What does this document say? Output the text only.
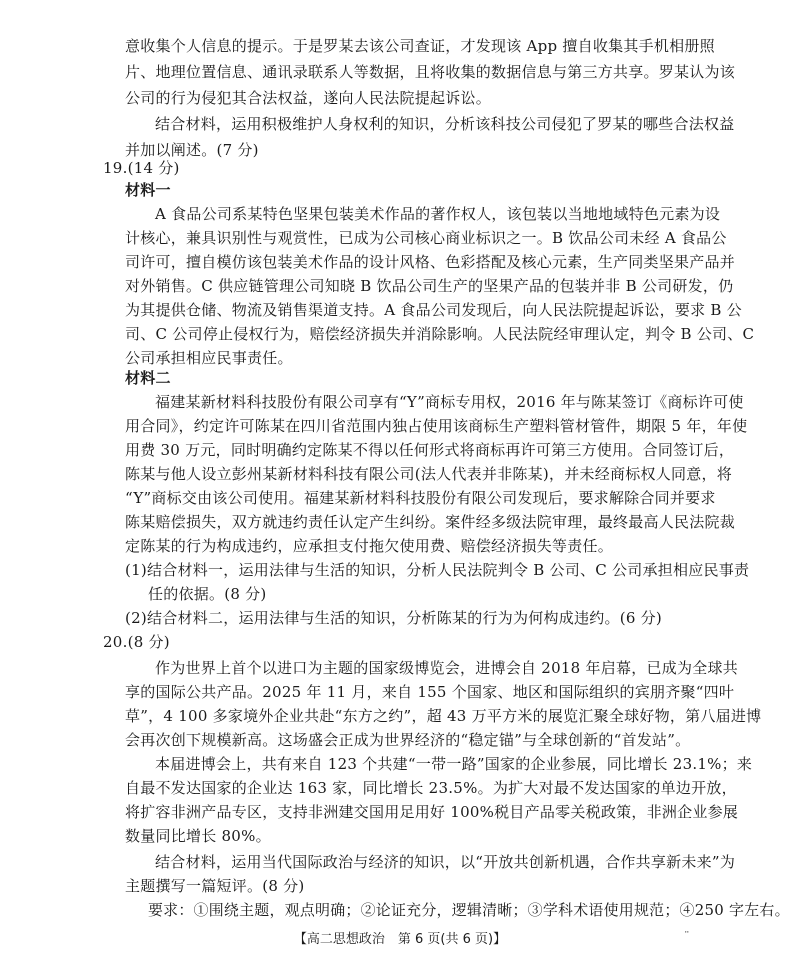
【高二思想政治　第 6 页(共 6 页)】	¨
意收集个人信息的提示。于是罗某去该公司查证，才发现该 App 擅自收集其手机相册照
片、地理位置信息、通讯录联系人等数据，且将收集的数据信息与第三方共享。罗某认为该
公司的行为侵犯其合法权益，遂向人民法院提起诉讼。
结合材料，运用积极维护人身权利的知识，分析该科技公司侵犯了罗某的哪些合法权益
并加以阐述。(7 分)
19.(14 分)
材料一
A 食品公司系某特色坚果包装美术作品的著作权人，该包装以当地地域特色元素为设
计核心，兼具识别性与观赏性，已成为公司核心商业标识之一。B 饮品公司未经 A 食品公
司许可，擅自模仿该包装美术作品的设计风格、色彩搭配及核心元素，生产同类坚果产品并
对外销售。C 供应链管理公司知晓 B 饮品公司生产的坚果产品的包装并非 B 公司研发，仍
为其提供仓储、物流及销售渠道支持。A 食品公司发现后，向人民法院提起诉讼，要求 B 公
司、C 公司停止侵权行为，赔偿经济损失并消除影响。人民法院经审理认定，判令 B 公司、C
公司承担相应民事责任。
材料二
福建某新材料科技股份有限公司享有“Y”商标专用权，2016 年与陈某签订《商标许可使
用合同》，约定许可陈某在四川省范围内独占使用该商标生产塑料管材管件，期限 5 年，年使
用费 30 万元，同时明确约定陈某不得以任何形式将商标再许可第三方使用。合同签订后，
陈某与他人设立彭州某新材料科技有限公司(法人代表并非陈某)，并未经商标权人同意，将
“Y”商标交由该公司使用。福建某新材料科技股份有限公司发现后，要求解除合同并要求
陈某赔偿损失，双方就违约责任认定产生纠纷。案件经多级法院审理，最终最高人民法院裁
定陈某的行为构成违约，应承担支付拖欠使用费、赔偿经济损失等责任。
(1)结合材料一，运用法律与生活的知识，分析人民法院判令 B 公司、C 公司承担相应民事责
任的依据。(8 分)
(2)结合材料二，运用法律与生活的知识，分析陈某的行为为何构成违约。(6 分)
20.(8 分)
作为世界上首个以进口为主题的国家级博览会，进博会自 2018 年启幕，已成为全球共
享的国际公共产品。2025 年 11 月，来自 155 个国家、地区和国际组织的宾朋齐聚“四叶
草”，4 100 多家境外企业共赴“东方之约”，超 43 万平方米的展览汇聚全球好物，第八届进博
会再次创下规模新高。这场盛会正成为世界经济的“稳定锚”与全球创新的“首发站”。
本届进博会上，共有来自 123 个共建“一带一路”国家的企业参展，同比增长 23.1%；来
自最不发达国家的企业达 163 家，同比增长 23.5%。为扩大对最不发达国家的单边开放，
将扩容非洲产品专区，支持非洲建交国用足用好 100%税目产品零关税政策，非洲企业参展
数量同比增长 80%。
结合材料，运用当代国际政治与经济的知识，以“开放共创新机遇，合作共享新未来”为
主题撰写一篇短评。(8 分)
要求：①围绕主题，观点明确；②论证充分，逻辑清晰；③学科术语使用规范；④250 字左右。
